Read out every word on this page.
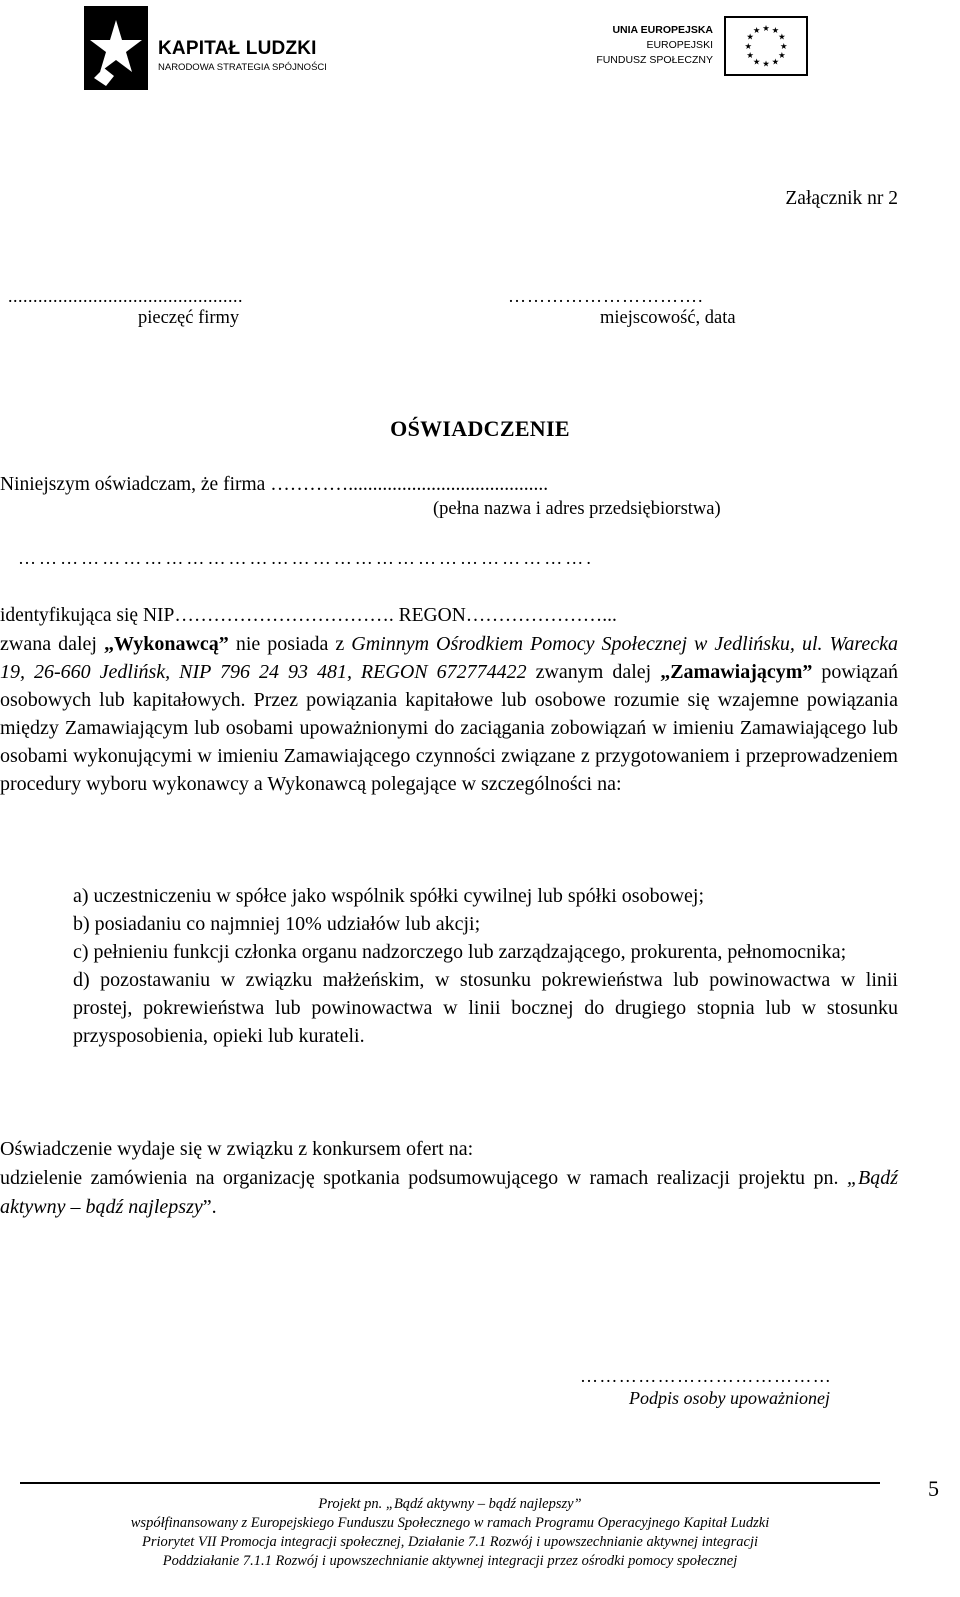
KAPITAŁ LUDZKI
NARODOWA STRATEGIA SPÓJNOŚCI
UNIA EUROPEJSKA
EUROPEJSKI
FUNDUSZ SPOŁECZNY
★ ★
★
★
★
★
★
★
★
★
★
★
Załącznik nr 2
...............................................	………………………….
pieczęć firmy	miejscowość, data
OŚWIADCZENIE
Niniejszym oświadczam, że firma ………….........................................
(pełna nazwa i adres przedsiębiorstwa)
……………………………………………………………………….
identyfikująca się NIP……………………………. REGON…………………...

zwana dalej „Wykonawcą” nie posiada z Gminnym Ośrodkiem Pomocy Społecznej w Jedlińsku, ul. Warecka 19, 26-660 Jedlińsk, NIP 796 24 93 481, REGON 672774422 zwanym dalej „Zamawiającym” powiązań osobowych lub kapitałowych. Przez powiązania kapitałowe lub osobowe rozumie się wzajemne powiązania między Zamawiającym lub osobami upoważnionymi do zaciągania zobowiązań w imieniu Zamawiającego lub osobami wykonującymi w imieniu Zamawiającego czynności związane z przygotowaniem i przeprowadzeniem procedury wyboru wykonawcy a Wykonawcą polegające w szczególności na:

a) uczestniczeniu w spółce jako wspólnik spółki cywilnej lub spółki osobowej;

b) posiadaniu co najmniej 10% udziałów lub akcji;

c) pełnieniu funkcji członka organu nadzorczego lub zarządzającego, prokurenta, pełnomocnika;

d) pozostawaniu w związku małżeńskim, w stosunku pokrewieństwa lub powinowactwa w linii prostej, pokrewieństwa lub powinowactwa w linii bocznej do drugiego stopnia lub w stosunku przysposobienia, opieki lub kurateli.

Oświadczenie wydaje się w związku z konkursem ofert na:

udzielenie zamówienia na organizację spotkania podsumowującego w ramach realizacji projektu pn. „Bądź aktywny – bądź najlepszy”.

…………………………………
Podpis osoby upoważnionej
5
Projekt pn. „Bądź aktywny – bądź najlepszy”
współfinansowany z Europejskiego Funduszu Społecznego w ramach Programu Operacyjnego Kapitał Ludzki
Priorytet VII Promocja integracji społecznej, Działanie 7.1 Rozwój i upowszechnianie aktywnej integracji
Poddziałanie 7.1.1 Rozwój i upowszechnianie aktywnej integracji przez ośrodki pomocy społecznej
